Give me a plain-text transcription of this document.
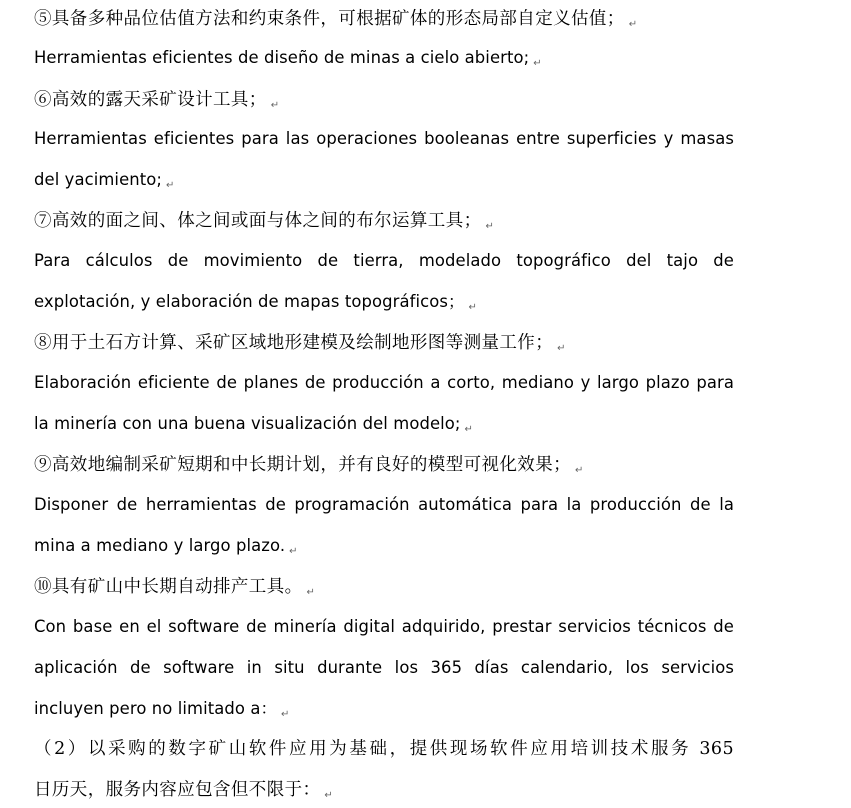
⑤具备多种品位估值方法和约束条件，可根据矿体的形态局部自定义估值； ↵
Herramientas eficientes de diseño de minas a cielo abierto; ↵
⑥高效的露天采矿设计工具； ↵
Herramientas eficientes para las operaciones booleanas entre superficies y masas
del yacimiento; ↵
⑦高效的面之间、体之间或面与体之间的布尔运算工具； ↵
Para cálculos de movimiento de tierra, modelado topográfico del tajo de
explotación, y elaboración de mapas topográficos； ↵
⑧用于土石方计算、采矿区域地形建模及绘制地形图等测量工作； ↵
Elaboración eficiente de planes de producción a corto, mediano y largo plazo para
la minería con una buena visualización del modelo; ↵
⑨高效地编制采矿短期和中长期计划，并有良好的模型可视化效果； ↵
Disponer de herramientas de programación automática para la producción de la
mina a mediano y largo plazo. ↵
⑩具有矿山中长期自动排产工具。 ↵
Con base en el software de minería digital adquirido, prestar servicios técnicos de
aplicación de software in situ durante los 365 días calendario, los servicios
incluyen pero no limitado a： ↵
（2）以采购的数字矿山软件应用为基础，提供现场软件应用培训技术服务 365
日历天，服务内容应包含但不限于： ↵
